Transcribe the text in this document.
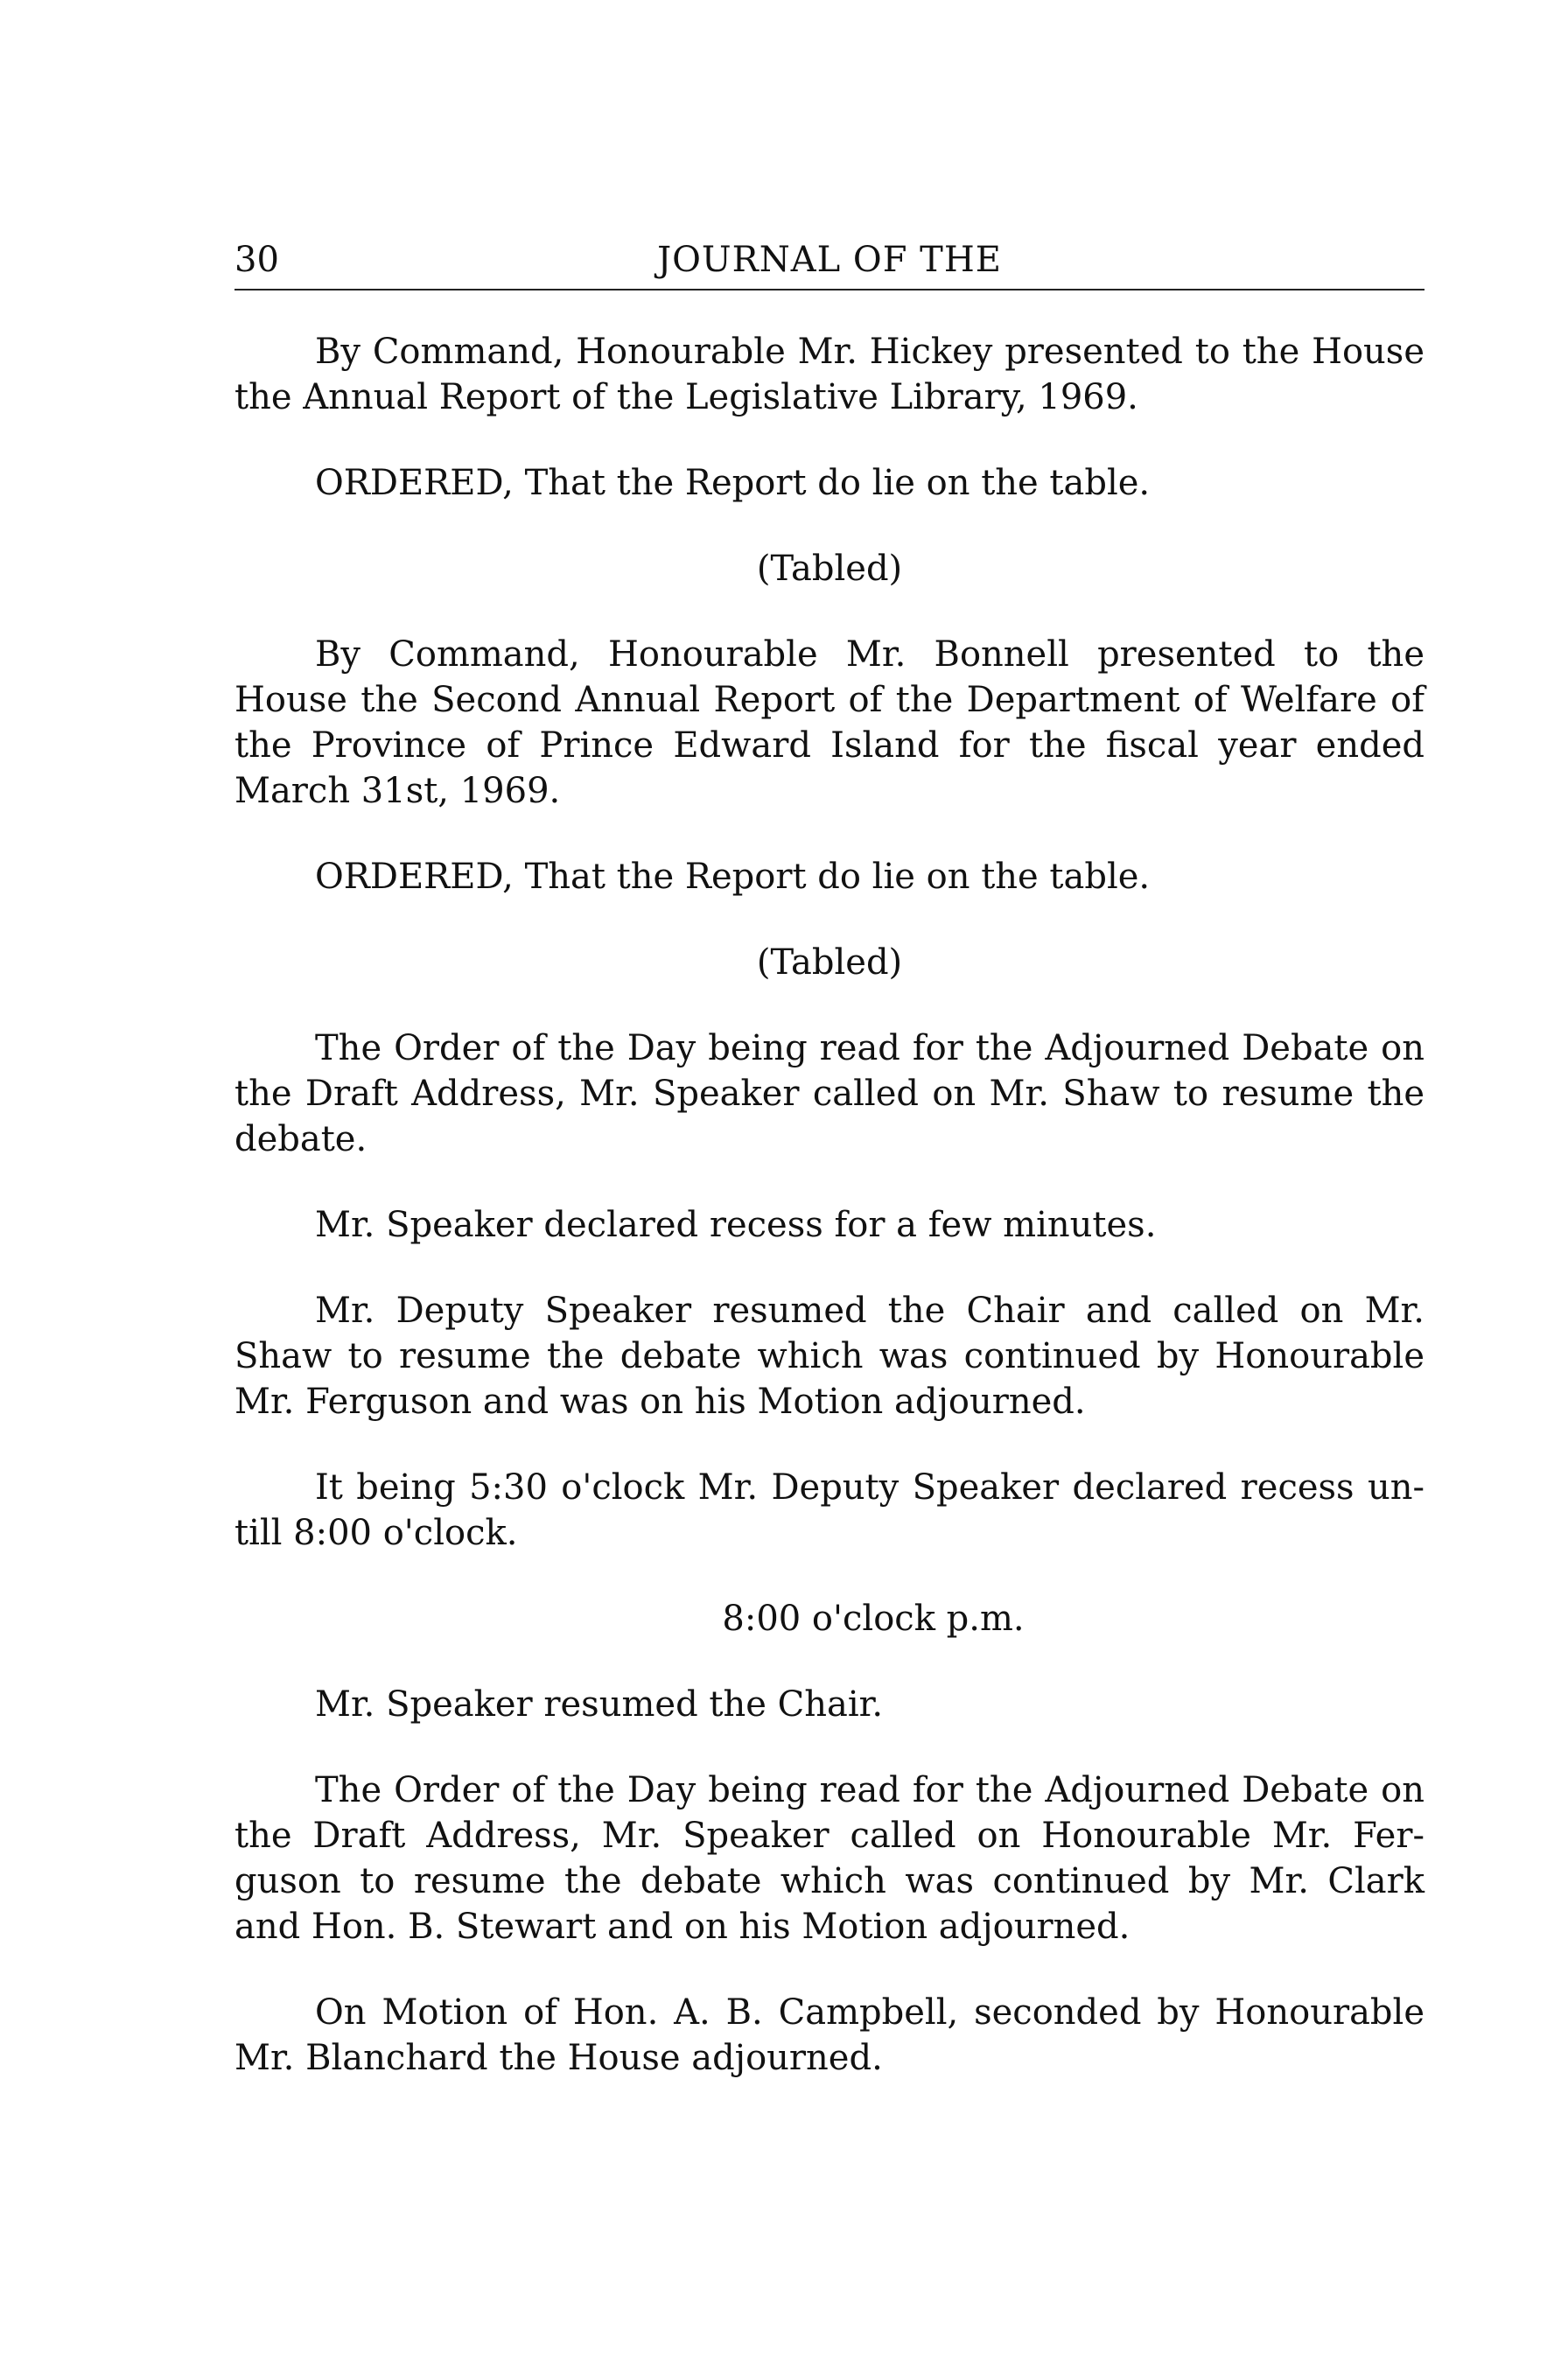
30	JOURNAL OF THE

By Command, Honourable Mr. Hickey presented to the House the Annual Report of the Legislative Library, 1969.

ORDERED, That the Report do lie on the table.

(Tabled)

By Command, Honourable Mr. Bonnell presented to the House the Second Annual Report of the Department of Welfare of the Province of Prince Edward Island for the fiscal year ended March 31st, 1969.

ORDERED, That the Report do lie on the table.

(Tabled)

The Order of the Day being read for the Adjourned Debate on the Draft Address, Mr. Speaker called on Mr. Shaw to resume the debate.

Mr. Speaker declared recess for a few minutes.

Mr. Deputy Speaker resumed the Chair and called on Mr. Shaw to resume the debate which was continued by Honourable Mr. Ferguson and was on his Motion adjourned.

It being 5:30 o'clock Mr. Deputy Speaker declared recess untill 8:00 o'clock.

8:00 o'clock p.m.

Mr. Speaker resumed the Chair.

The Order of the Day being read for the Adjourned Debate on the Draft Address, Mr. Speaker called on Honourable Mr. Ferguson to resume the debate which was continued by Mr. Clark and Hon. B. Stewart and on his Motion adjourned.

On Motion of Hon. A. B. Campbell, seconded by Honourable Mr. Blanchard the House adjourned.
